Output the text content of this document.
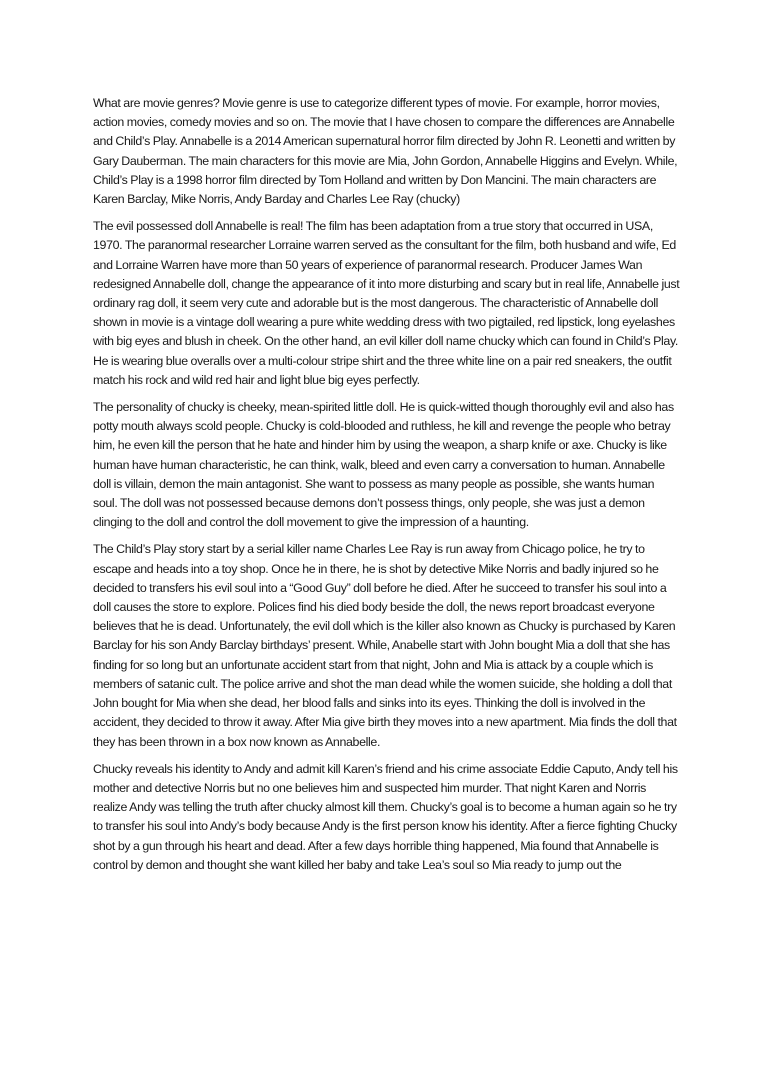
What are movie genres? Movie genre is use to categorize different types of movie. For example, horror movies, action movies, comedy movies and so on. The movie that I have chosen to compare the differences are Annabelle and Child’s Play. Annabelle is a 2014 American supernatural horror film directed by John R. Leonetti and written by Gary Dauberman. The main characters for this movie are Mia, John Gordon, Annabelle Higgins and Evelyn. While, Child’s Play is a 1998 horror film directed by Tom Holland and written by Don Mancini. The main characters are Karen Barclay, Mike Norris, Andy Barday and Charles Lee Ray (chucky)

The evil possessed doll Annabelle is real! The film has been adaptation from a true story that occurred in USA, 1970. The paranormal researcher Lorraine warren served as the consultant for the film, both husband and wife, Ed and Lorraine Warren have more than 50 years of experience of paranormal research. Producer James Wan redesigned Annabelle doll, change the appearance of it into more disturbing and scary but in real life, Annabelle just ordinary rag doll, it seem very cute and adorable but is the most dangerous. The characteristic of Annabelle doll shown in movie is a vintage doll wearing a pure white wedding dress with two pigtailed, red lipstick, long eyelashes with big eyes and blush in cheek. On the other hand, an evil killer doll name chucky which can found in Child’s Play. He is wearing blue overalls over a multi-colour stripe shirt and the three white line on a pair red sneakers, the outfit match his rock and wild red hair and light blue big eyes perfectly.

The personality of chucky is cheeky, mean-spirited little doll. He is quick-witted though thoroughly evil and also has potty mouth always scold people. Chucky is cold-blooded and ruthless, he kill and revenge the people who betray him, he even kill the person that he hate and hinder him by using the weapon, a sharp knife or axe. Chucky is like human have human characteristic, he can think, walk, bleed and even carry a conversation to human. Annabelle doll is villain, demon the main antagonist. She want to possess as many people as possible, she wants human soul. The doll was not possessed because demons don’t possess things, only people, she was just a demon clinging to the doll and control the doll movement to give the impression of a haunting.

The Child’s Play story start by a serial killer name Charles Lee Ray is run away from Chicago police, he try to escape and heads into a toy shop. Once he in there, he is shot by detective Mike Norris and badly injured so he decided to transfers his evil soul into a “Good Guy” doll before he died. After he succeed to transfer his soul into a doll causes the store to explore. Polices find his died body beside the doll, the news report broadcast everyone believes that he is dead. Unfortunately, the evil doll which is the killer also known as Chucky is purchased by Karen Barclay for his son Andy Barclay birthdays’ present. While, Anabelle start with John bought Mia a doll that she has finding for so long but an unfortunate accident start from that night, John and Mia is attack by a couple which is members of satanic cult. The police arrive and shot the man dead while the women suicide, she holding a doll that John bought for Mia when she dead, her blood falls and sinks into its eyes. Thinking the doll is involved in the accident, they decided to throw it away. After Mia give birth they moves into a new apartment. Mia finds the doll that they has been thrown in a box now known as Annabelle.

Chucky reveals his identity to Andy and admit kill Karen’s friend and his crime associate Eddie Caputo, Andy tell his mother and detective Norris but no one believes him and suspected him murder. That night Karen and Norris realize Andy was telling the truth after chucky almost kill them. Chucky’s goal is to become a human again so he try to transfer his soul into Andy’s body because Andy is the first person know his identity. After a fierce fighting Chucky shot by a gun through his heart and dead. After a few days horrible thing happened, Mia found that Annabelle is control by demon and thought she want killed her baby and take Lea’s soul so Mia ready to jump out the
